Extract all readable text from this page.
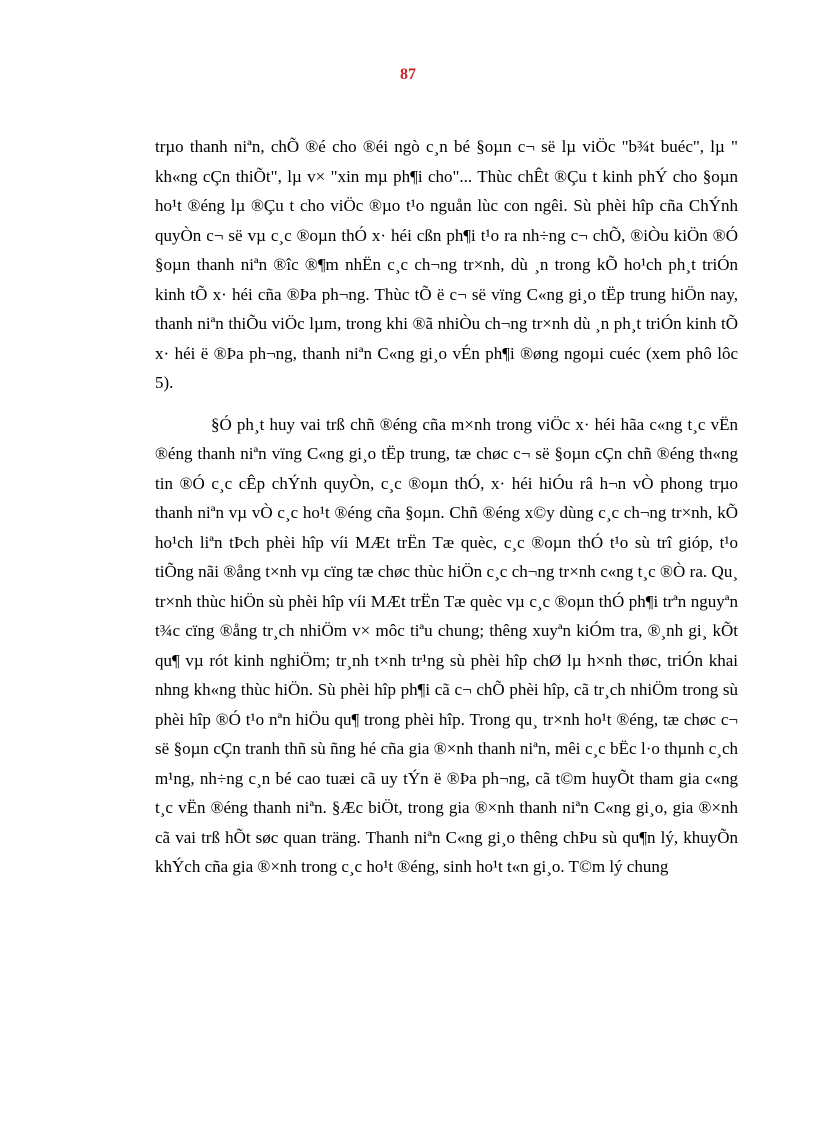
87

trµo thanh niªn, chÕ ®é cho ®éi ngò c¸n bé §oµn c¬ së lµ viÖc "b¾t buéc", lµ " kh«ng cÇn thiÕt", lµ v× "xin mµ ph¶i cho"... Thùc chÊt ®Çu t kinh phÝ cho §oµn ho¹t ®éng lµ ®Çu t cho viÖc ®µo t¹o nguån lùc con ngêi. Sù phèi hîp cña ChÝnh quyÒn c¬ së vµ c¸c ®oµn thÓ x· héi cßn ph¶i t¹o ra nh÷ng c¬ chÕ, ®iÒu kiÖn ®Ó §oµn thanh niªn ®îc ®¶m nhËn c¸c ch¬ng tr×nh, dù ¸n trong kÕ ho¹ch ph¸t triÓn kinh tÕ x· héi cña ®Þa ph¬ng. Thùc tÕ ë c¬ së vïng C«ng gi¸o tËp trung hiÖn nay, thanh niªn thiÕu viÖc lµm, trong khi ®ã nhiÒu ch¬ng tr×nh dù ¸n ph¸t triÓn kinh tÕ x· héi ë ®Þa ph¬ng, thanh niªn C«ng gi¸o vÉn ph¶i ®øng ngoµi cuéc (xem phô lôc 5).

§Ó ph¸t huy vai trß chñ ®éng cña m×nh trong viÖc x· héi hãa c«ng t¸c vËn ®éng thanh niªn vïng C«ng gi¸o tËp trung, tæ chøc c¬ së §oµn cÇn chñ ®éng th«ng tin ®Ó c¸c cÊp chÝnh quyÒn, c¸c ®oµn thÓ, x· héi hiÓu râ h¬n vÒ phong trµo thanh niªn vµ vÒ c¸c ho¹t ®éng cña §oµn. Chñ ®éng x©y dùng c¸c ch¬ng tr×nh, kÕ ho¹ch liªn tÞch phèi hîp víi MÆt trËn Tæ quèc, c¸c ®oµn thÓ t¹o sù trî gióp, t¹o tiÕng nãi ®ång t×nh vµ cïng tæ chøc thùc hiÖn c¸c ch¬ng tr×nh c«ng t¸c ®Ò ra. Qu¸ tr×nh thùc hiÖn sù phèi hîp víi MÆt trËn Tæ quèc vµ c¸c ®oµn thÓ ph¶i trªn nguyªn t¾c cïng ®ång tr¸ch nhiÖm v× môc tiªu chung; thêng xuyªn kiÓm tra, ®¸nh gi¸ kÕt qu¶ vµ rót kinh nghiÖm; tr¸nh t×nh tr¹ng sù phèi hîp chØ lµ h×nh thøc, triÓn khai nhng kh«ng thùc hiÖn. Sù phèi hîp ph¶i cã c¬ chÕ phèi hîp, cã tr¸ch nhiÖm trong sù phèi hîp ®Ó t¹o nªn hiÖu qu¶ trong phèi hîp. Trong qu¸ tr×nh ho¹t ®éng, tæ chøc c¬ së §oµn cÇn tranh thñ sù ñng hé cña gia ®×nh thanh niªn, mêi c¸c bËc l·o thµnh c¸ch m¹ng, nh÷ng c¸n bé cao tuæi cã uy tÝn ë ®Þa ph¬ng, cã t©m huyÕt tham gia c«ng t¸c vËn ®éng thanh niªn. §Æc biÖt, trong gia ®×nh thanh niªn C«ng gi¸o, gia ®×nh cã vai trß hÕt søc quan träng. Thanh niªn C«ng gi¸o thêng chÞu sù qu¶n lý, khuyÕn khÝch cña gia ®×nh trong c¸c ho¹t ®éng, sinh ho¹t t«n gi¸o. T©m lý chung
